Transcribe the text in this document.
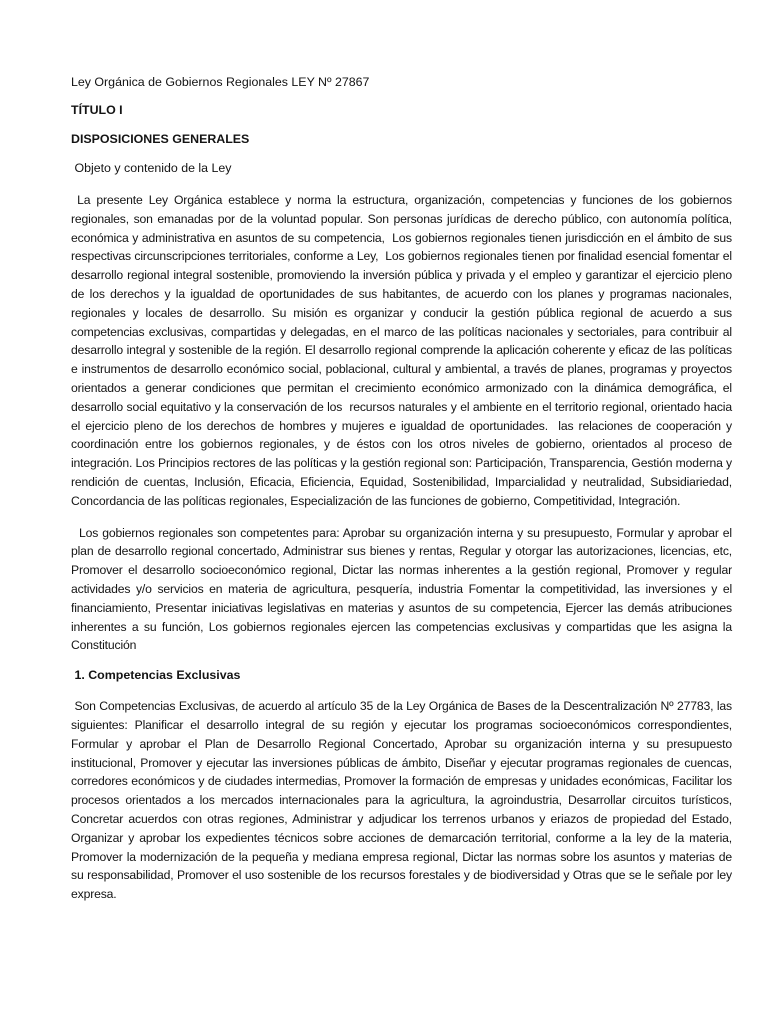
Ley Orgánica de Gobiernos Regionales LEY Nº 27867

TÍTULO I

DISPOSICIONES GENERALES

Objeto y contenido de la Ley

La presente Ley Orgánica establece y norma la estructura, organización, competencias y funciones de los gobiernos regionales, son emanadas por de la voluntad popular. Son personas jurídicas de derecho público, con autonomía política, económica y administrativa en asuntos de su competencia,  Los gobiernos regionales tienen jurisdicción en el ámbito de sus respectivas circunscripciones territoriales, conforme a Ley,  Los gobiernos regionales tienen por finalidad esencial fomentar el desarrollo regional integral sostenible, promoviendo la inversión pública y privada y el empleo y garantizar el ejercicio pleno de los derechos y la igualdad de oportunidades de sus habitantes, de acuerdo con los planes y programas nacionales, regionales y locales de desarrollo. Su misión es organizar y conducir la gestión pública regional de acuerdo a sus competencias exclusivas, compartidas y delegadas, en el marco de las políticas nacionales y sectoriales, para contribuir al desarrollo integral y sostenible de la región. El desarrollo regional comprende la aplicación coherente y eficaz de las políticas e instrumentos de desarrollo económico social, poblacional, cultural y ambiental, a través de planes, programas y proyectos orientados a generar condiciones que permitan el crecimiento económico armonizado con la dinámica demográfica, el desarrollo social equitativo y la conservación de los  recursos naturales y el ambiente en el territorio regional, orientado hacia el ejercicio pleno de los derechos de hombres y mujeres e igualdad de oportunidades.  las relaciones de cooperación y coordinación entre los gobiernos regionales, y de éstos con los otros niveles de gobierno, orientados al proceso de integración. Los Principios rectores de las políticas y la gestión regional son: Participación, Transparencia, Gestión moderna y rendición de cuentas, Inclusión, Eficacia, Eficiencia, Equidad, Sostenibilidad, Imparcialidad y neutralidad, Subsidiariedad, Concordancia de las políticas regionales, Especialización de las funciones de gobierno, Competitividad, Integración.

Los gobiernos regionales son competentes para: Aprobar su organización interna y su presupuesto, Formular y aprobar el plan de desarrollo regional concertado, Administrar sus bienes y rentas, Regular y otorgar las autorizaciones, licencias, etc, Promover el desarrollo socioeconómico regional, Dictar las normas inherentes a la gestión regional, Promover y regular actividades y/o servicios en materia de agricultura, pesquería, industria Fomentar la competitividad, las inversiones y el financiamiento, Presentar iniciativas legislativas en materias y asuntos de su competencia, Ejercer las demás atribuciones inherentes a su función, Los gobiernos regionales ejercen las competencias exclusivas y compartidas que les asigna la Constitución

1. Competencias Exclusivas

Son Competencias Exclusivas, de acuerdo al artículo 35 de la Ley Orgánica de Bases de la Descentralización Nº 27783, las siguientes: Planificar el desarrollo integral de su región y ejecutar los programas socioeconómicos correspondientes, Formular y aprobar el Plan de Desarrollo Regional Concertado, Aprobar su organización interna y su presupuesto institucional, Promover y ejecutar las inversiones públicas de ámbito, Diseñar y ejecutar programas regionales de cuencas, corredores económicos y de ciudades intermedias, Promover la formación de empresas y unidades económicas, Facilitar los procesos orientados a los mercados internacionales para la agricultura, la agroindustria, Desarrollar circuitos turísticos, Concretar acuerdos con otras regiones, Administrar y adjudicar los terrenos urbanos y eriazos de propiedad del Estado, Organizar y aprobar los expedientes técnicos sobre acciones de demarcación territorial, conforme a la ley de la materia, Promover la modernización de la pequeña y mediana empresa regional, Dictar las normas sobre los asuntos y materias de su responsabilidad, Promover el uso sostenible de los recursos forestales y de biodiversidad y Otras que se le señale por ley expresa.
